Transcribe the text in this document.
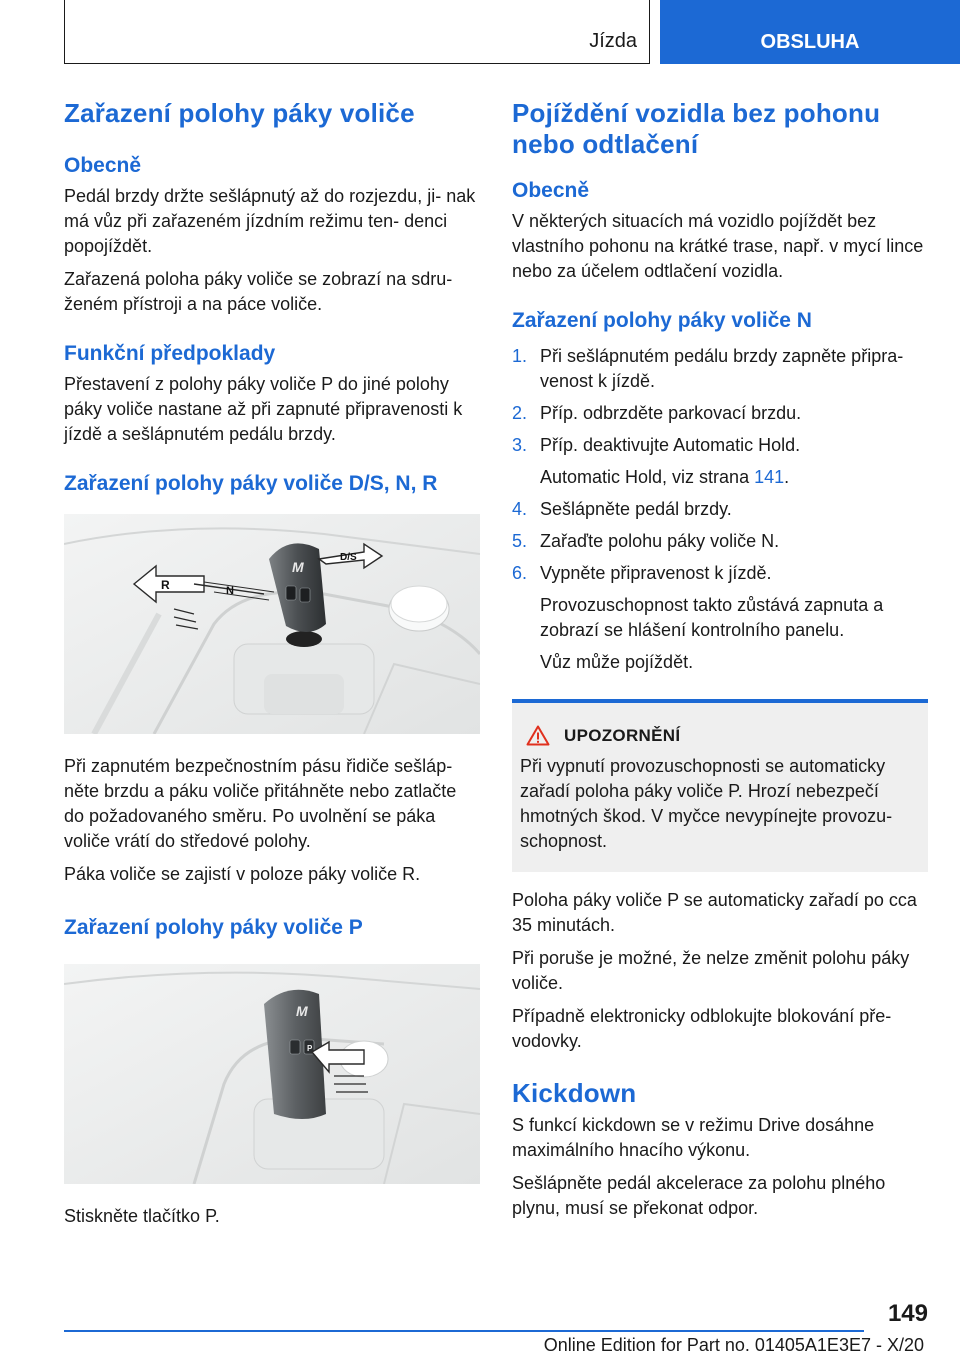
Jízda	OBSLUHA
Zařazení polohy páky voliče
Obecně

Pedál brzdy držte sešlápnutý až do rozjezdu, ji‐ nak má vůz při zařazeném jízdním režimu ten‐ denci popojíždět.

Zařazená poloha páky voliče se zobrazí na sdru‐ ženém přístroji a na páce voliče.

Funkční předpoklady

Přestavení z polohy páky voliče P do jiné polohy páky voliče nastane až při zapnuté připravenosti k jízdě a sešlápnutém pedálu brzdy.

Zařazení polohy páky voliče D/S, N, R
R	N
D/S
M

Při zapnutém bezpečnostním pásu řidiče sešláp‐ něte brzdu a páku voliče přitáhněte nebo zatlačte do požadovaného směru. Po uvolnění se páka voliče vrátí do středové polohy.

Páka voliče se zajistí v poloze páky voliče R.

Zařazení polohy páky voliče P
M
P

Stiskněte tlačítko P.

Pojíždění vozidla bez pohonu nebo odtlačení
Obecně

V některých situacích má vozidlo pojíždět bez vlastního pohonu na krátké trase, např. v mycí lince nebo za účelem odtlačení vozidla.

Zařazení polohy páky voliče N
1. Při sešlápnutém pedálu brzdy zapněte připra‐ venost k jízdě.
2. Příp. odbrzděte parkovací brzdu.
3. Příp. deaktivujte Automatic Hold.
Automatic Hold, viz strana 141.
4. Sešlápněte pedál brzdy.
5. Zařaďte polohu páky voliče N.
6. Vypněte připravenost k jízdě.
Provozuschopnost takto zůstává zapnuta a zobrazí se hlášení kontrolního panelu.
Vůz může pojíždět.
UPOZORNĚNÍ

Při vypnutí provozuschopnosti se automaticky zařadí poloha páky voliče P. Hrozí nebezpečí hmotných škod. V myčce nevypínejte provozu‐ schopnost.

Poloha páky voliče P se automaticky zařadí po cca 35 minutách.

Při poruše je možné, že nelze změnit polohu páky voliče.

Případně elektronicky odblokujte blokování pře‐ vodovky.

Kickdown

S funkcí kickdown se v režimu Drive dosáhne maximálního hnacího výkonu.

Sešlápněte pedál akcelerace za polohu plného plynu, musí se překonat odpor.

149
Online Edition for Part no. 01405A1E3E7 - X/20
